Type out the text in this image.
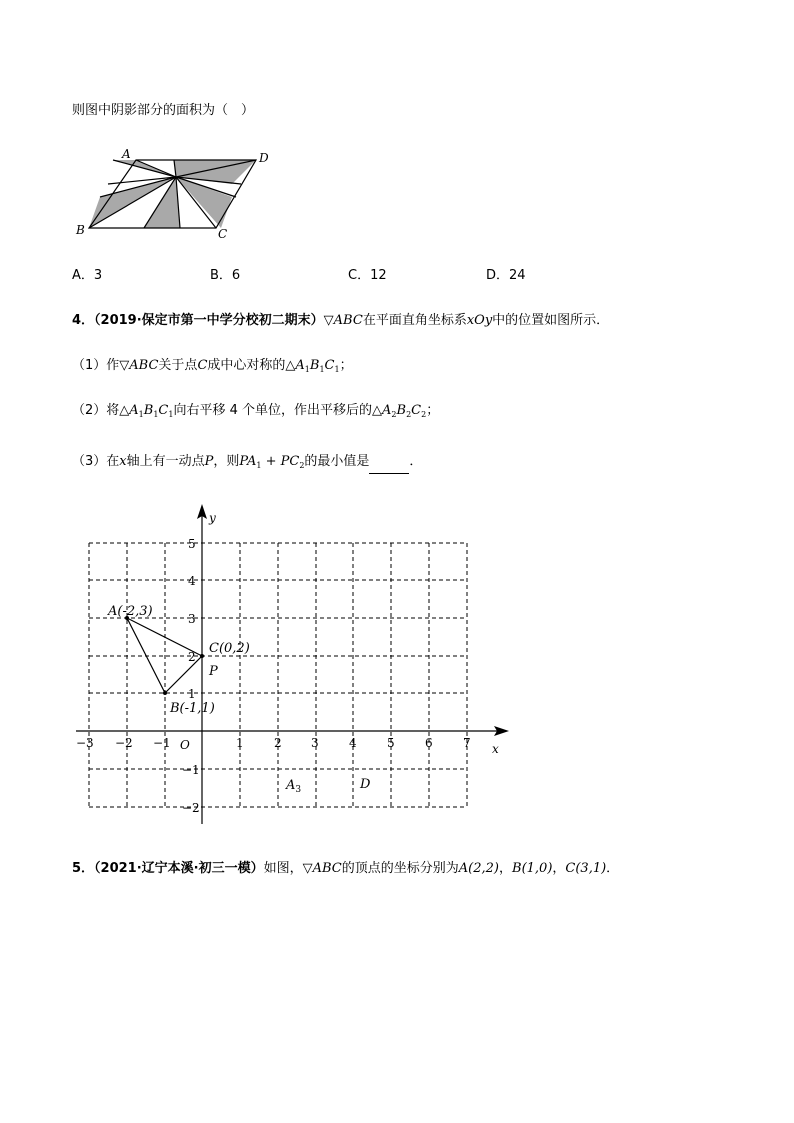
则图中阴影部分的面积为（　）
A	D
B	C
A．3	B．6	C．12	D．24
4．（2019·保定市第一中学分校初二期末）▽ABC在平面直角坐标系xOy中的位置如图所示．
（1）作▽ABC关于点C成中心对称的$\triangle A_1B_1C_1$；
（2）将$\triangle A_1B_1C_1$向右平移 4 个单位，作出平移后的$\triangle A_2B_2C_2$；
（3）在x轴上有一动点P，则$PA_1 + PC_2$的最小值是	．
x
y
O
−3 −2 −1	1	2 3	4	5	6	7
5
4
3
2
1
−1
−2
A(-2,3)
B(-1,1)
C(0,2)
P
$A_3$	D
5．（2021·辽宁本溪·初三一模）如图，▽ABC的顶点的坐标分别为A(2,2)，B(1,0)，C(3,1)．
